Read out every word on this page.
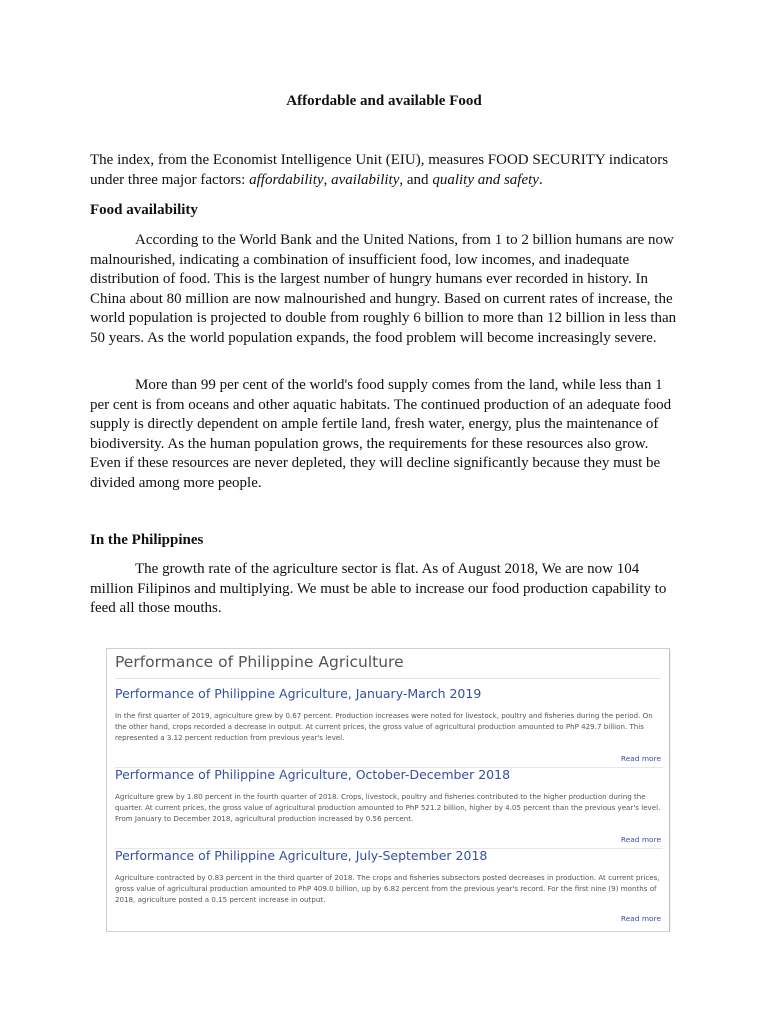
Affordable and available Food

The index, from the Economist Intelligence Unit (EIU), measures FOOD SECURITY indicators under three major factors: affordability, availability, and quality and safety.

Food availability

According to the World Bank and the United Nations, from 1 to 2 billion humans are now malnourished, indicating a combination of insufficient food, low incomes, and inadequate distribution of food. This is the largest number of hungry humans ever recorded in history. In China about 80 million are now malnourished and hungry. Based on current rates of increase, the world population is projected to double from roughly 6 billion to more than 12 billion in less than 50 years. As the world population expands, the food problem will become increasingly severe.

More than 99 per cent of the world's food supply comes from the land, while less than 1 per cent is from oceans and other aquatic habitats. The continued production of an adequate food supply is directly dependent on ample fertile land, fresh water, energy, plus the maintenance of biodiversity. As the human population grows, the requirements for these resources also grow. Even if these resources are never depleted, they will decline significantly because they must be divided among more people.

In the Philippines

The growth rate of the agriculture sector is flat. As of August 2018, We are now 104 million Filipinos and multiplying. We must be able to increase our food production capability to feed all those mouths.

Performance of Philippine Agriculture
Performance of Philippine Agriculture, January-March 2019

In the first quarter of 2019, agriculture grew by 0.67 percent. Production increases were noted for livestock, poultry and fisheries during the period. On the other hand, crops recorded a decrease in output. At current prices, the gross value of agricultural production amounted to PhP 429.7 billion. This represented a 3.12 percent reduction from previous year's level.

Read more
Performance of Philippine Agriculture, October-December 2018

Agriculture grew by 1.80 percent in the fourth quarter of 2018. Crops, livestock, poultry and fisheries contributed to the higher production during the quarter. At current prices, the gross value of agricultural production amounted to PhP 521.2 billion, higher by 4.05 percent than the previous year's level. From January to December 2018, agricultural production increased by 0.56 percent.

Read more
Performance of Philippine Agriculture, July-September 2018

Agriculture contracted by 0.83 percent in the third quarter of 2018. The crops and fisheries subsectors posted decreases in production. At current prices, gross value of agricultural production amounted to PhP 409.0 billion, up by 6.82 percent from the previous year's record. For the first nine (9) months of 2018, agriculture posted a 0.15 percent increase in output.

Read more
